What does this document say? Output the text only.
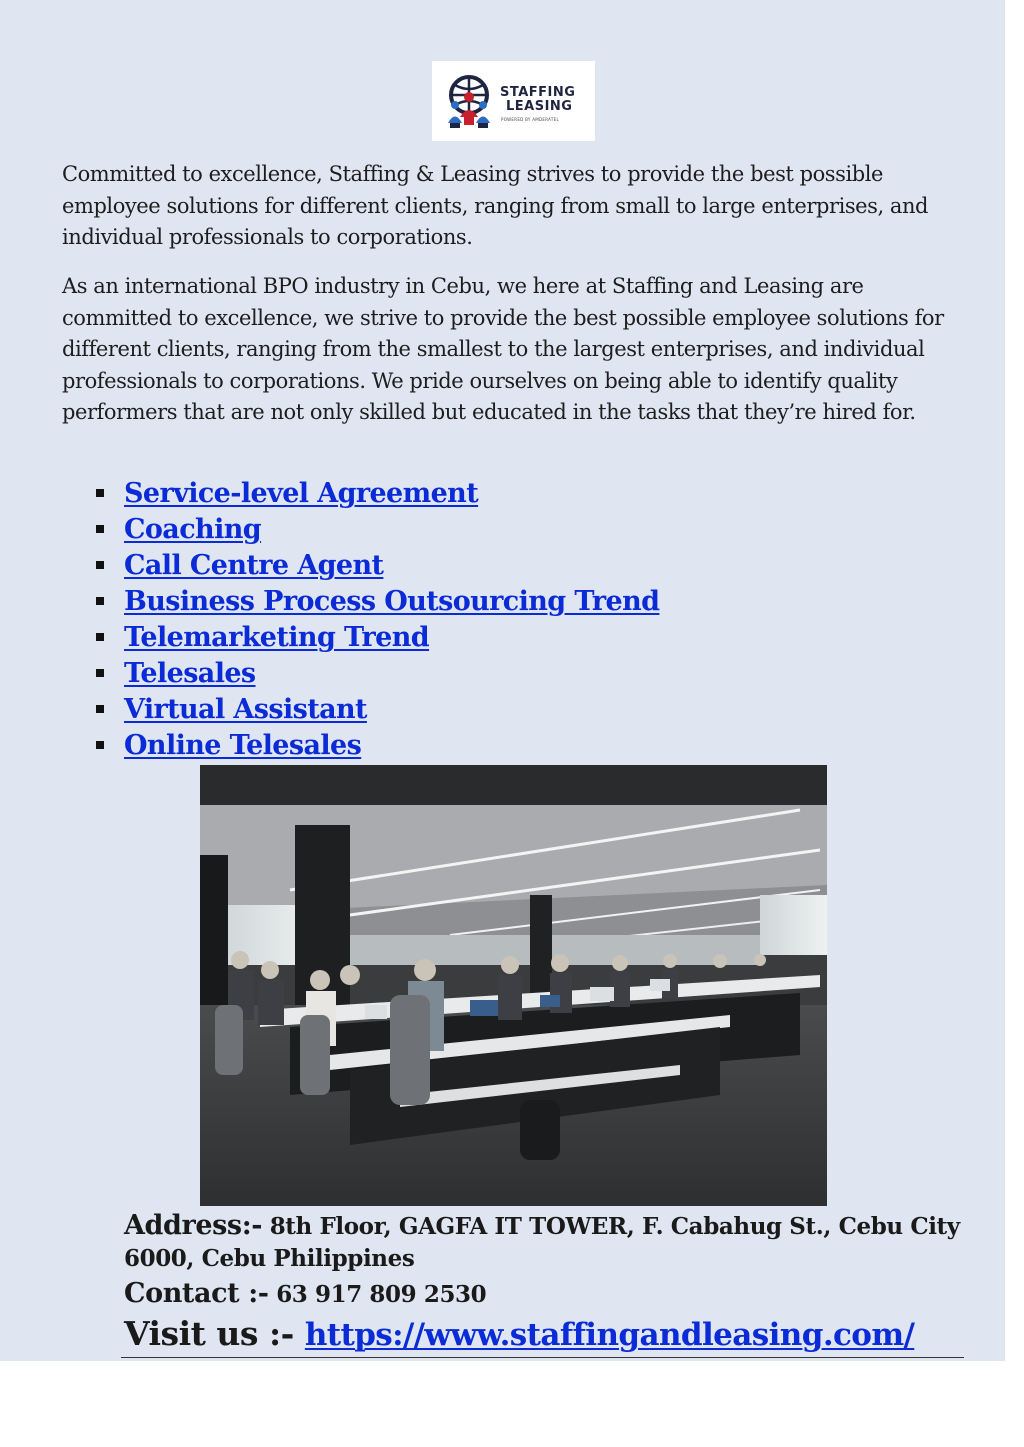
STAFFING
LEASING
POWERED BY AMDERATEL

Committed to excellence, Staffing & Leasing strives to provide the best possible employee solutions for different clients, ranging from small to large enterprises, and individual professionals to corporations.

As an international BPO industry in Cebu, we here at Staffing and Leasing are committed to excellence, we strive to provide the best possible employee solutions for different clients, ranging from the smallest to the largest enterprises, and individual professionals to corporations. We pride ourselves on being able to identify quality performers that are not only skilled but educated in the tasks that they’re hired for.

Service-level Agreement
Coaching
Call Centre Agent
Business Process Outsourcing Trend
Telemarketing Trend
Telesales
Virtual Assistant
Online Telesales
Address:- 8th Floor, GAGFA IT TOWER, F. Cabahug St., Cebu City
6000, Cebu Philippines
Contact :- 63 917 809 2530
Visit us :- https://www.staffingandleasing.com/
